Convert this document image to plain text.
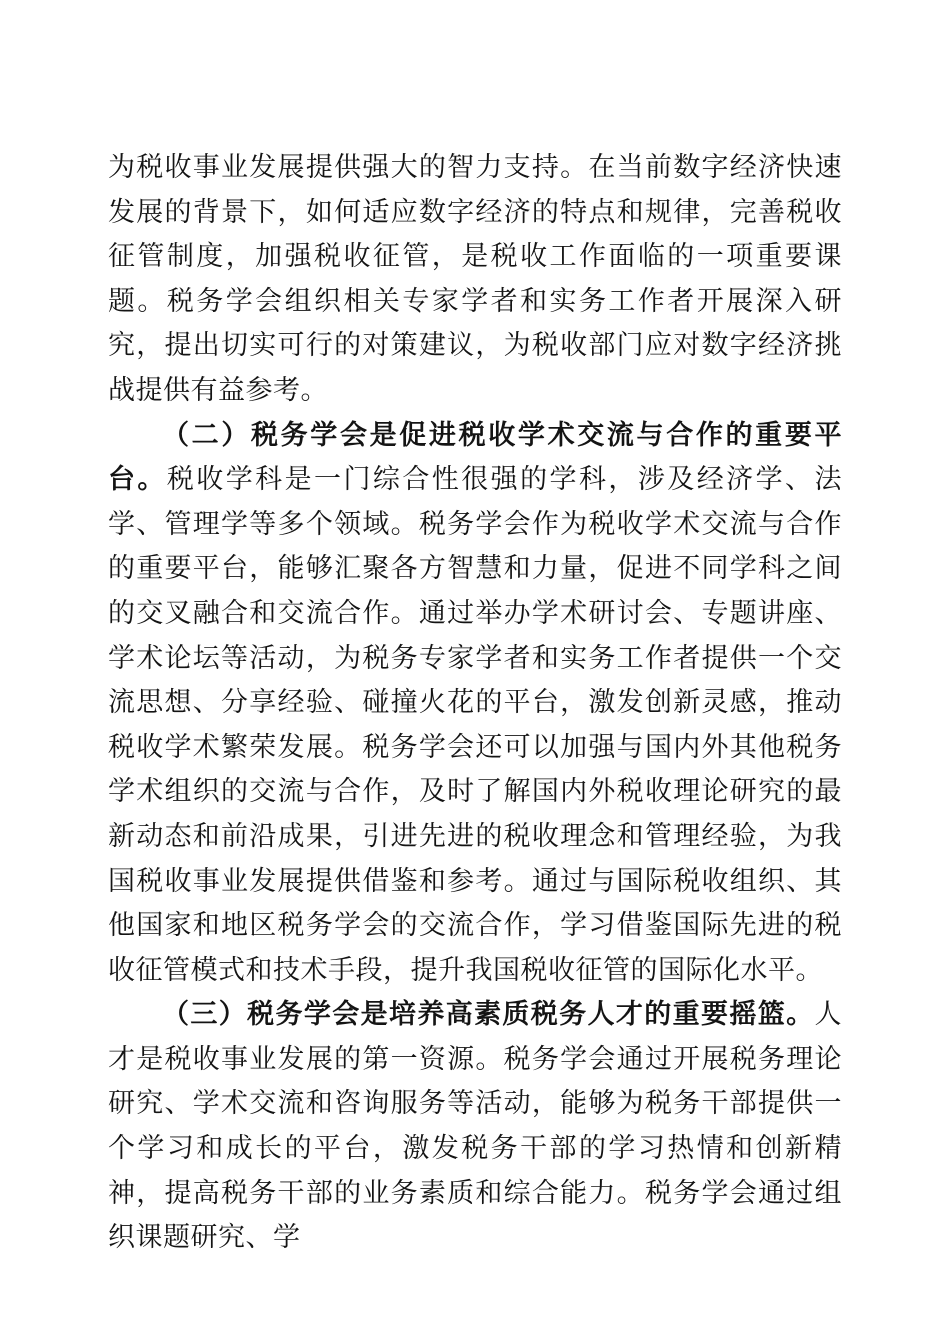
为税收事业发展提供强大的智力支持。在当前数字经济快速发展的背景下，如何适应数字经济的特点和规律，完善税收征管制度，加强税收征管，是税收工作面临的一项重要课题。税务学会组织相关专家学者和实务工作者开展深入研究，提出切实可行的对策建议，为税收部门应对数字经济挑战提供有益参考。

（二）税务学会是促进税收学术交流与合作的重要平台。税收学科是一门综合性很强的学科，涉及经济学、法学、管理学等多个领域。税务学会作为税收学术交流与合作的重要平台，能够汇聚各方智慧和力量，促进不同学科之间的交叉融合和交流合作。通过举办学术研讨会、专题讲座、学术论坛等活动，为税务专家学者和实务工作者提供一个交流思想、分享经验、碰撞火花的平台，激发创新灵感，推动税收学术繁荣发展。税务学会还可以加强与国内外其他税务学术组织的交流与合作，及时了解国内外税收理论研究的最新动态和前沿成果，引进先进的税收理念和管理经验，为我国税收事业发展提供借鉴和参考。通过与国际税收组织、其他国家和地区税务学会的交流合作，学习借鉴国际先进的税收征管模式和技术手段，提升我国税收征管的国际化水平。

（三）税务学会是培养高素质税务人才的重要摇篮。人才是税收事业发展的第一资源。税务学会通过开展税务理论研究、学术交流和咨询服务等活动，能够为税务干部提供一个学习和成长的平台，激发税务干部的学习热情和创新精神，提高税务干部的业务素质和综合能力。税务学会通过组织课题研究、学
